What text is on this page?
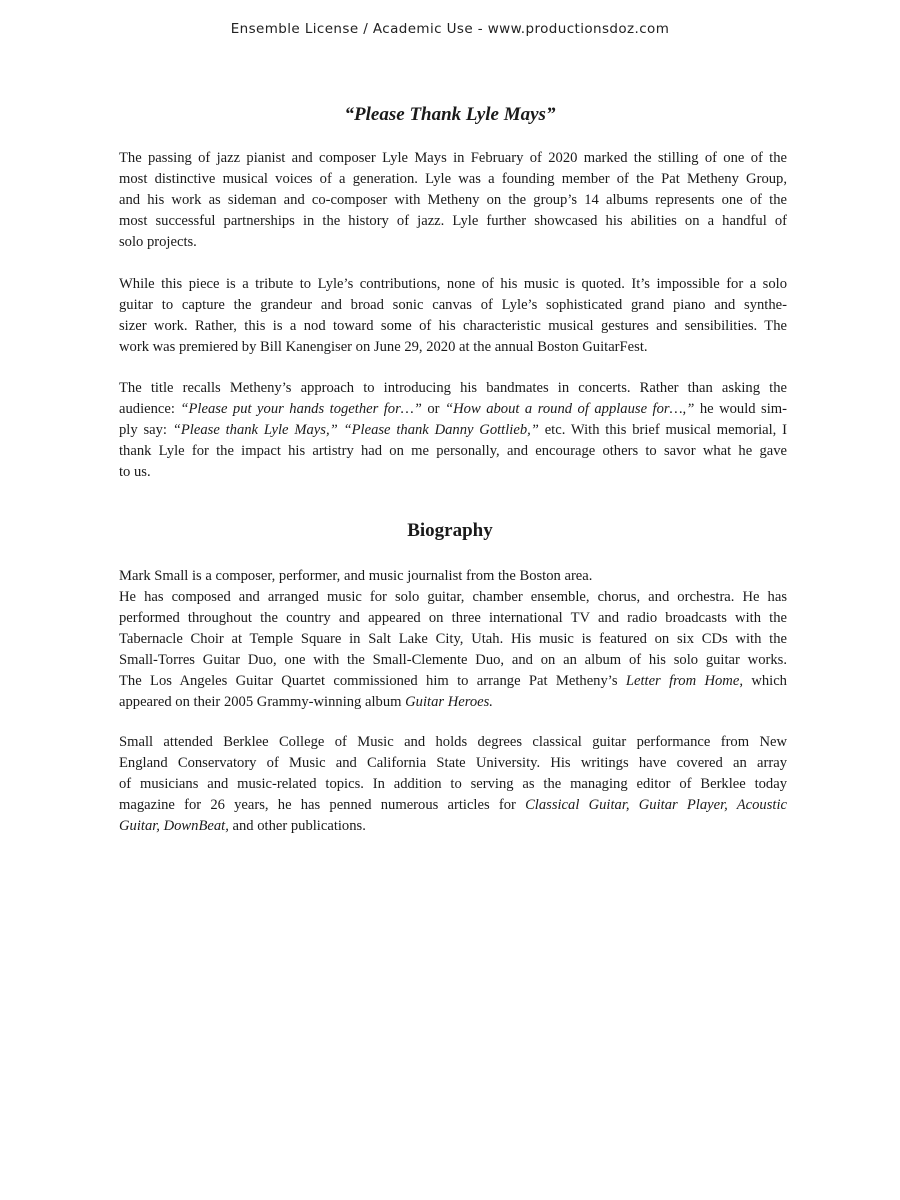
Ensemble License / Academic Use - www.productionsdoz.com
“Please Thank Lyle Mays”

The passing of jazz pianist and composer Lyle Mays in February of 2020 marked the stilling of one of the
most distinctive musical voices of a generation. Lyle was a founding member of the Pat Metheny Group,
and his work as sideman and co-composer with Metheny on the group’s 14 albums represents one of the
most successful partnerships in the history of jazz. Lyle further showcased his abilities on a handful of
solo projects.

While this piece is a tribute to Lyle’s contributions, none of his music is quoted. It’s impossible for a solo
guitar to capture the grandeur and broad sonic canvas of Lyle’s sophisticated grand piano and synthe-
sizer work. Rather, this is a nod toward some of his characteristic musical gestures and sensibilities. The
work was premiered by Bill Kanengiser on June 29, 2020 at the annual Boston GuitarFest.

The title recalls Metheny’s approach to introducing his bandmates in concerts. Rather than asking the
audience: “Please put your hands together for…” or “How about a round of applause for…,” he would sim-
ply say: “Please thank Lyle Mays,” “Please thank Danny Gottlieb,” etc. With this brief musical memorial, I
thank Lyle for the impact his artistry had on me personally, and encourage others to savor what he gave
to us.

Biography

Mark Small is a composer, performer, and music journalist from the Boston area.
He has composed and arranged music for solo guitar, chamber ensemble, chorus, and orchestra. He has
performed throughout the country and appeared on three international TV and radio broadcasts with the
Tabernacle Choir at Temple Square in Salt Lake City, Utah. His music is featured on six CDs with the
Small-Torres Guitar Duo, one with the Small-Clemente Duo, and on an album of his solo guitar works.
The Los Angeles Guitar Quartet commissioned him to arrange Pat Metheny’s Letter from Home, which
appeared on their 2005 Grammy-winning album Guitar Heroes.

Small attended Berklee College of Music and holds degrees classical guitar performance from New
England Conservatory of Music and California State University. His writings have covered an array
of musicians and music-related topics. In addition to serving as the managing editor of Berklee today
magazine for 26 years, he has penned numerous articles for Classical Guitar, Guitar Player, Acoustic
Guitar, DownBeat, and other publications.
